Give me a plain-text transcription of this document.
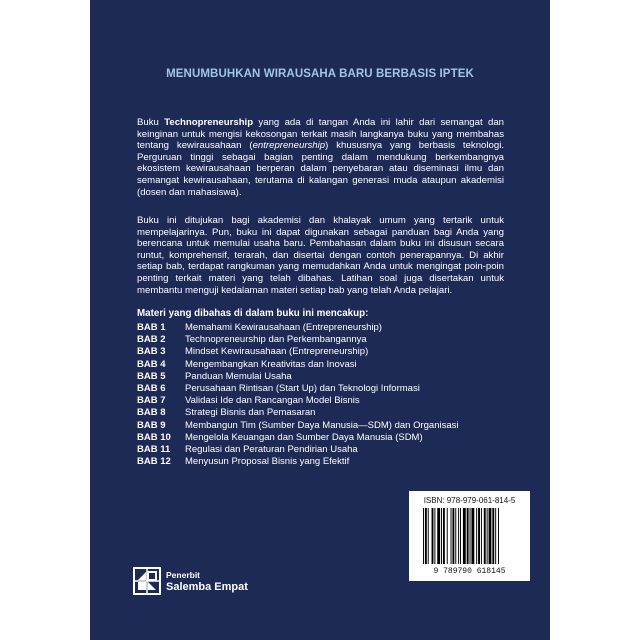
MENUMBUHKAN WIRAUSAHA BARU BERBASIS IPTEK

Buku Technopreneurship yang ada di tangan Anda ini lahir dari semangat dan keinginan untuk mengisi kekosongan terkait masih langkanya buku yang membahas tentang kewirausahaan (entrepreneurship) khususnya yang berbasis teknologi. Perguruan tinggi sebagai bagian penting dalam mendukung berkembangnya ekosistem kewirausahaan berperan dalam penyebaran atau diseminasi ilmu dan semangat kewirausahaan, terutama di kalangan generasi muda ataupun akademisi (dosen dan mahasiswa).

Buku ini ditujukan bagi akademisi dan khalayak umum yang tertarik untuk mempelajarinya. Pun, buku ini dapat digunakan sebagai panduan bagi Anda yang berencana untuk memulai usaha baru. Pembahasan dalam buku ini disusun secara runtut, komprehensif, terarah, dan disertai dengan contoh penerapannya. Di akhir setiap bab, terdapat rangkuman yang memudahkan Anda untuk mengingat poin-poin penting terkait materi yang telah dibahas. Latihan soal juga disertakan untuk membantu menguji kedalaman materi setiap bab yang telah Anda pelajari.

Materi yang dibahas di dalam buku ini mencakup:
BAB 1 Memahami Kewirausahaan (Entrepreneurship)
BAB 2 Technopreneurship dan Perkembangannya
BAB 3 Mindset Kewirausahaan (Entrepreneurship)
BAB 4 Mengembangkan Kreativitas dan Inovasi
BAB 5 Panduan Memulai Usaha
BAB 6 Perusahaan Rintisan (Start Up) dan Teknologi Informasi
BAB 7 Validasi Ide dan Rancangan Model Bisnis
BAB 8 Strategi Bisnis dan Pemasaran
BAB 9 Membangun Tim (Sumber Daya Manusia—SDM) dan Organisasi
BAB 10 Mengelola Keuangan dan Sumber Daya Manusia (SDM)
BAB 11 Regulasi dan Peraturan Pendirian Usaha
BAB 12 Menyusun Proposal Bisnis yang Efektif
ISBN: 978-979-061-814-5
9 789790 618145
Penerbit
Salemba Empat
